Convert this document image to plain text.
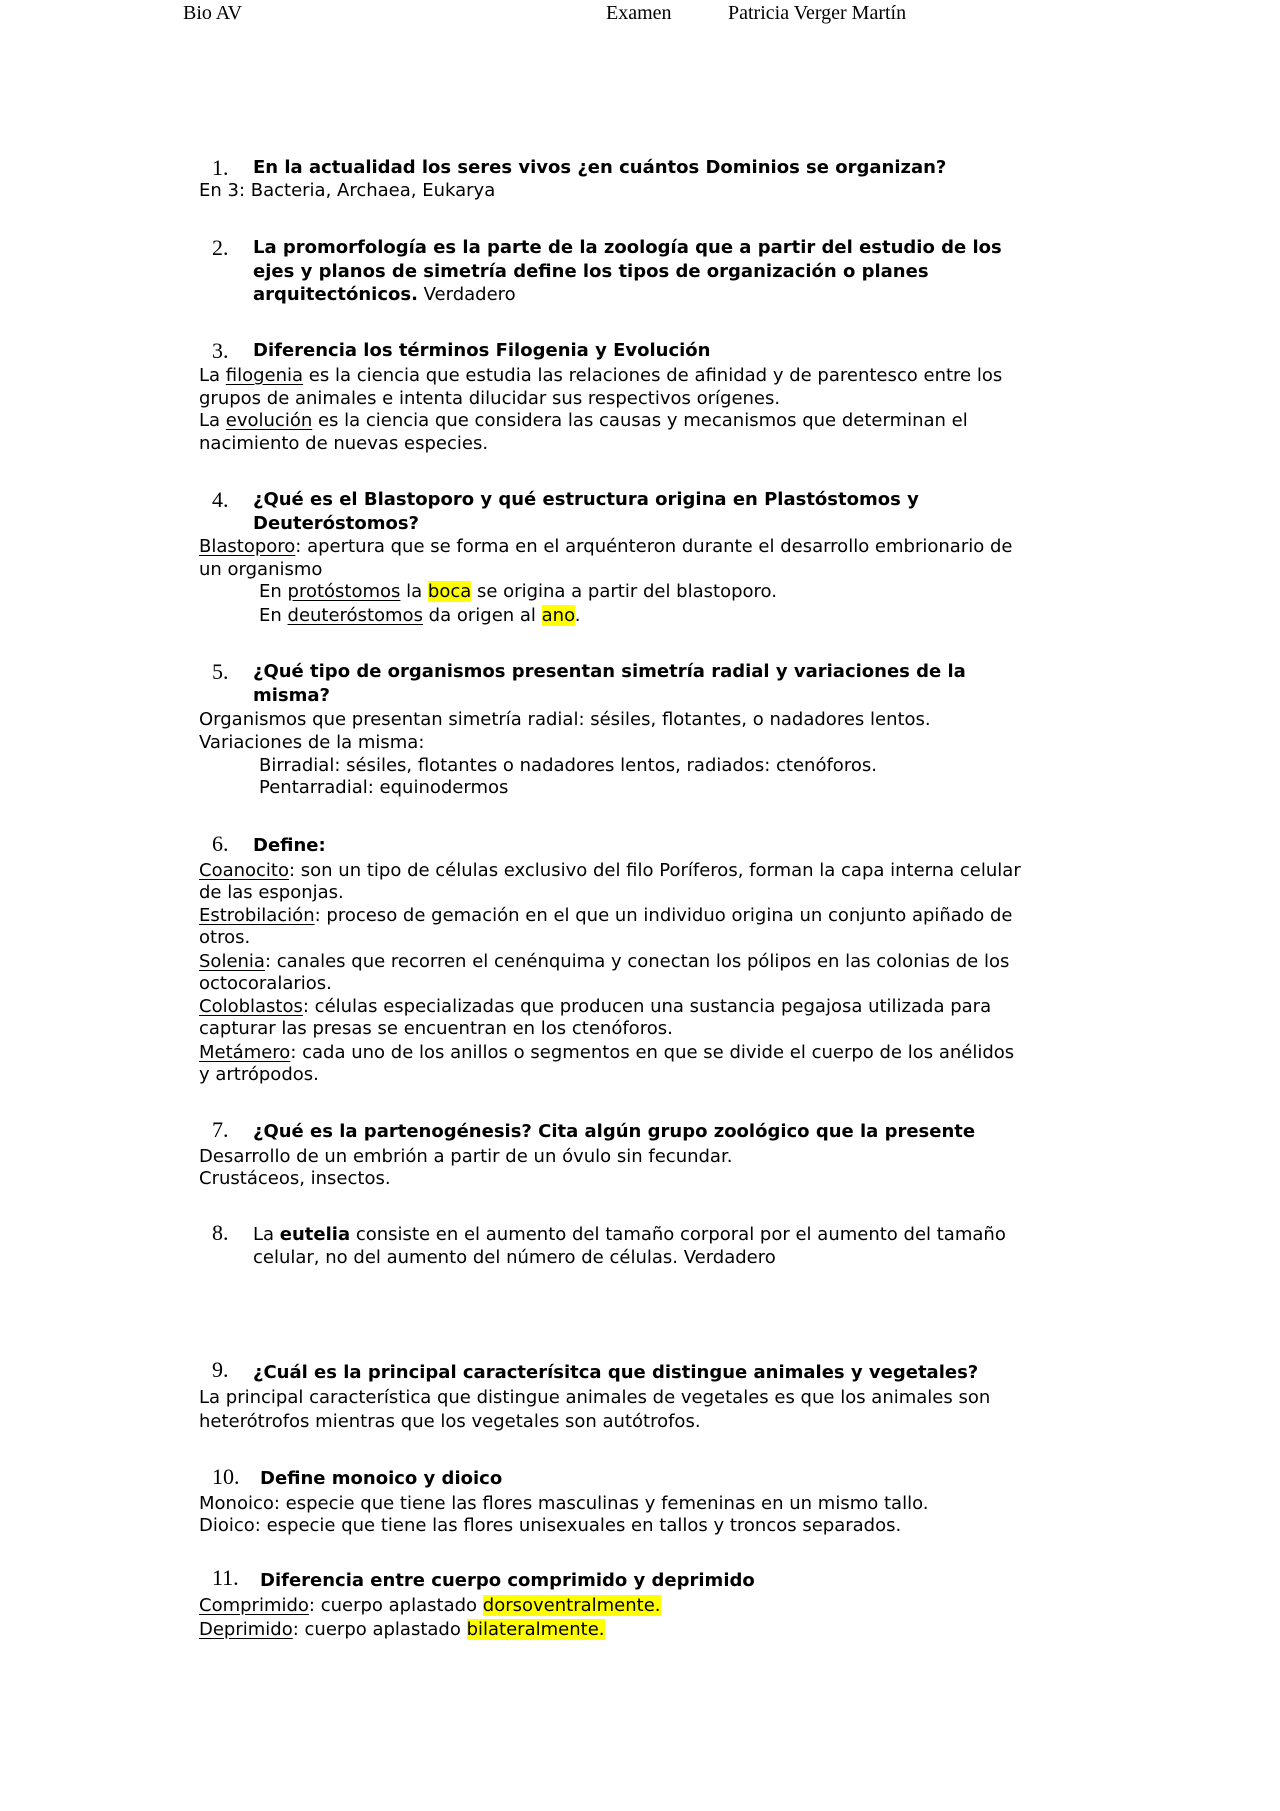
Bio AV	Examen	Patricia Verger Martín
1. En la actualidad los seres vivos ¿en cuántos Dominios se organizan?
En 3: Bacteria, Archaea, Eukarya
2. La promorfología es la parte de la zoología que a partir del estudio de los
ejes y planos de simetría define los tipos de organización o planes
arquitectónicos. Verdadero
3. Diferencia los términos Filogenia y Evolución
La filogenia es la ciencia que estudia las relaciones de afinidad y de parentesco entre los
grupos de animales e intenta dilucidar sus respectivos orígenes.
La evolución es la ciencia que considera las causas y mecanismos que determinan el
nacimiento de nuevas especies.
4. ¿Qué es el Blastoporo y qué estructura origina en Plastóstomos y
Deuteróstomos?
Blastoporo: apertura que se forma en el arquénteron durante el desarrollo embrionario de
un organismo
En protóstomos la boca se origina a partir del blastoporo.
En deuteróstomos da origen al ano.
5. ¿Qué tipo de organismos presentan simetría radial y variaciones de la
misma?
Organismos que presentan simetría radial: sésiles, flotantes, o nadadores lentos.
Variaciones de la misma:
Birradial: sésiles, flotantes o nadadores lentos, radiados: ctenóforos.
Pentarradial: equinodermos
6. Define:
Coanocito: son un tipo de células exclusivo del filo Poríferos, forman la capa interna celular
de las esponjas.
Estrobilación: proceso de gemación en el que un individuo origina un conjunto apiñado de
otros.
Solenia: canales que recorren el cenénquima y conectan los pólipos en las colonias de los
octocoralarios.
Coloblastos: células especializadas que producen una sustancia pegajosa utilizada para
capturar las presas se encuentran en los ctenóforos.
Metámero: cada uno de los anillos o segmentos en que se divide el cuerpo de los anélidos
y artrópodos.
7. ¿Qué es la partenogénesis? Cita algún grupo zoológico que la presente
Desarrollo de un embrión a partir de un óvulo sin fecundar.
Crustáceos, insectos.
8. La eutelia consiste en el aumento del tamaño corporal por el aumento del tamaño
celular, no del aumento del número de células. Verdadero
9. ¿Cuál es la principal caracterísitca que distingue animales y vegetales?
La principal característica que distingue animales de vegetales es que los animales son
heterótrofos mientras que los vegetales son autótrofos.
10. Define monoico y dioico
Monoico: especie que tiene las flores masculinas y femeninas en un mismo tallo.
Dioico: especie que tiene las flores unisexuales en tallos y troncos separados.
11. Diferencia entre cuerpo comprimido y deprimido
Comprimido: cuerpo aplastado dorsoventralmente.
Deprimido: cuerpo aplastado bilateralmente.
